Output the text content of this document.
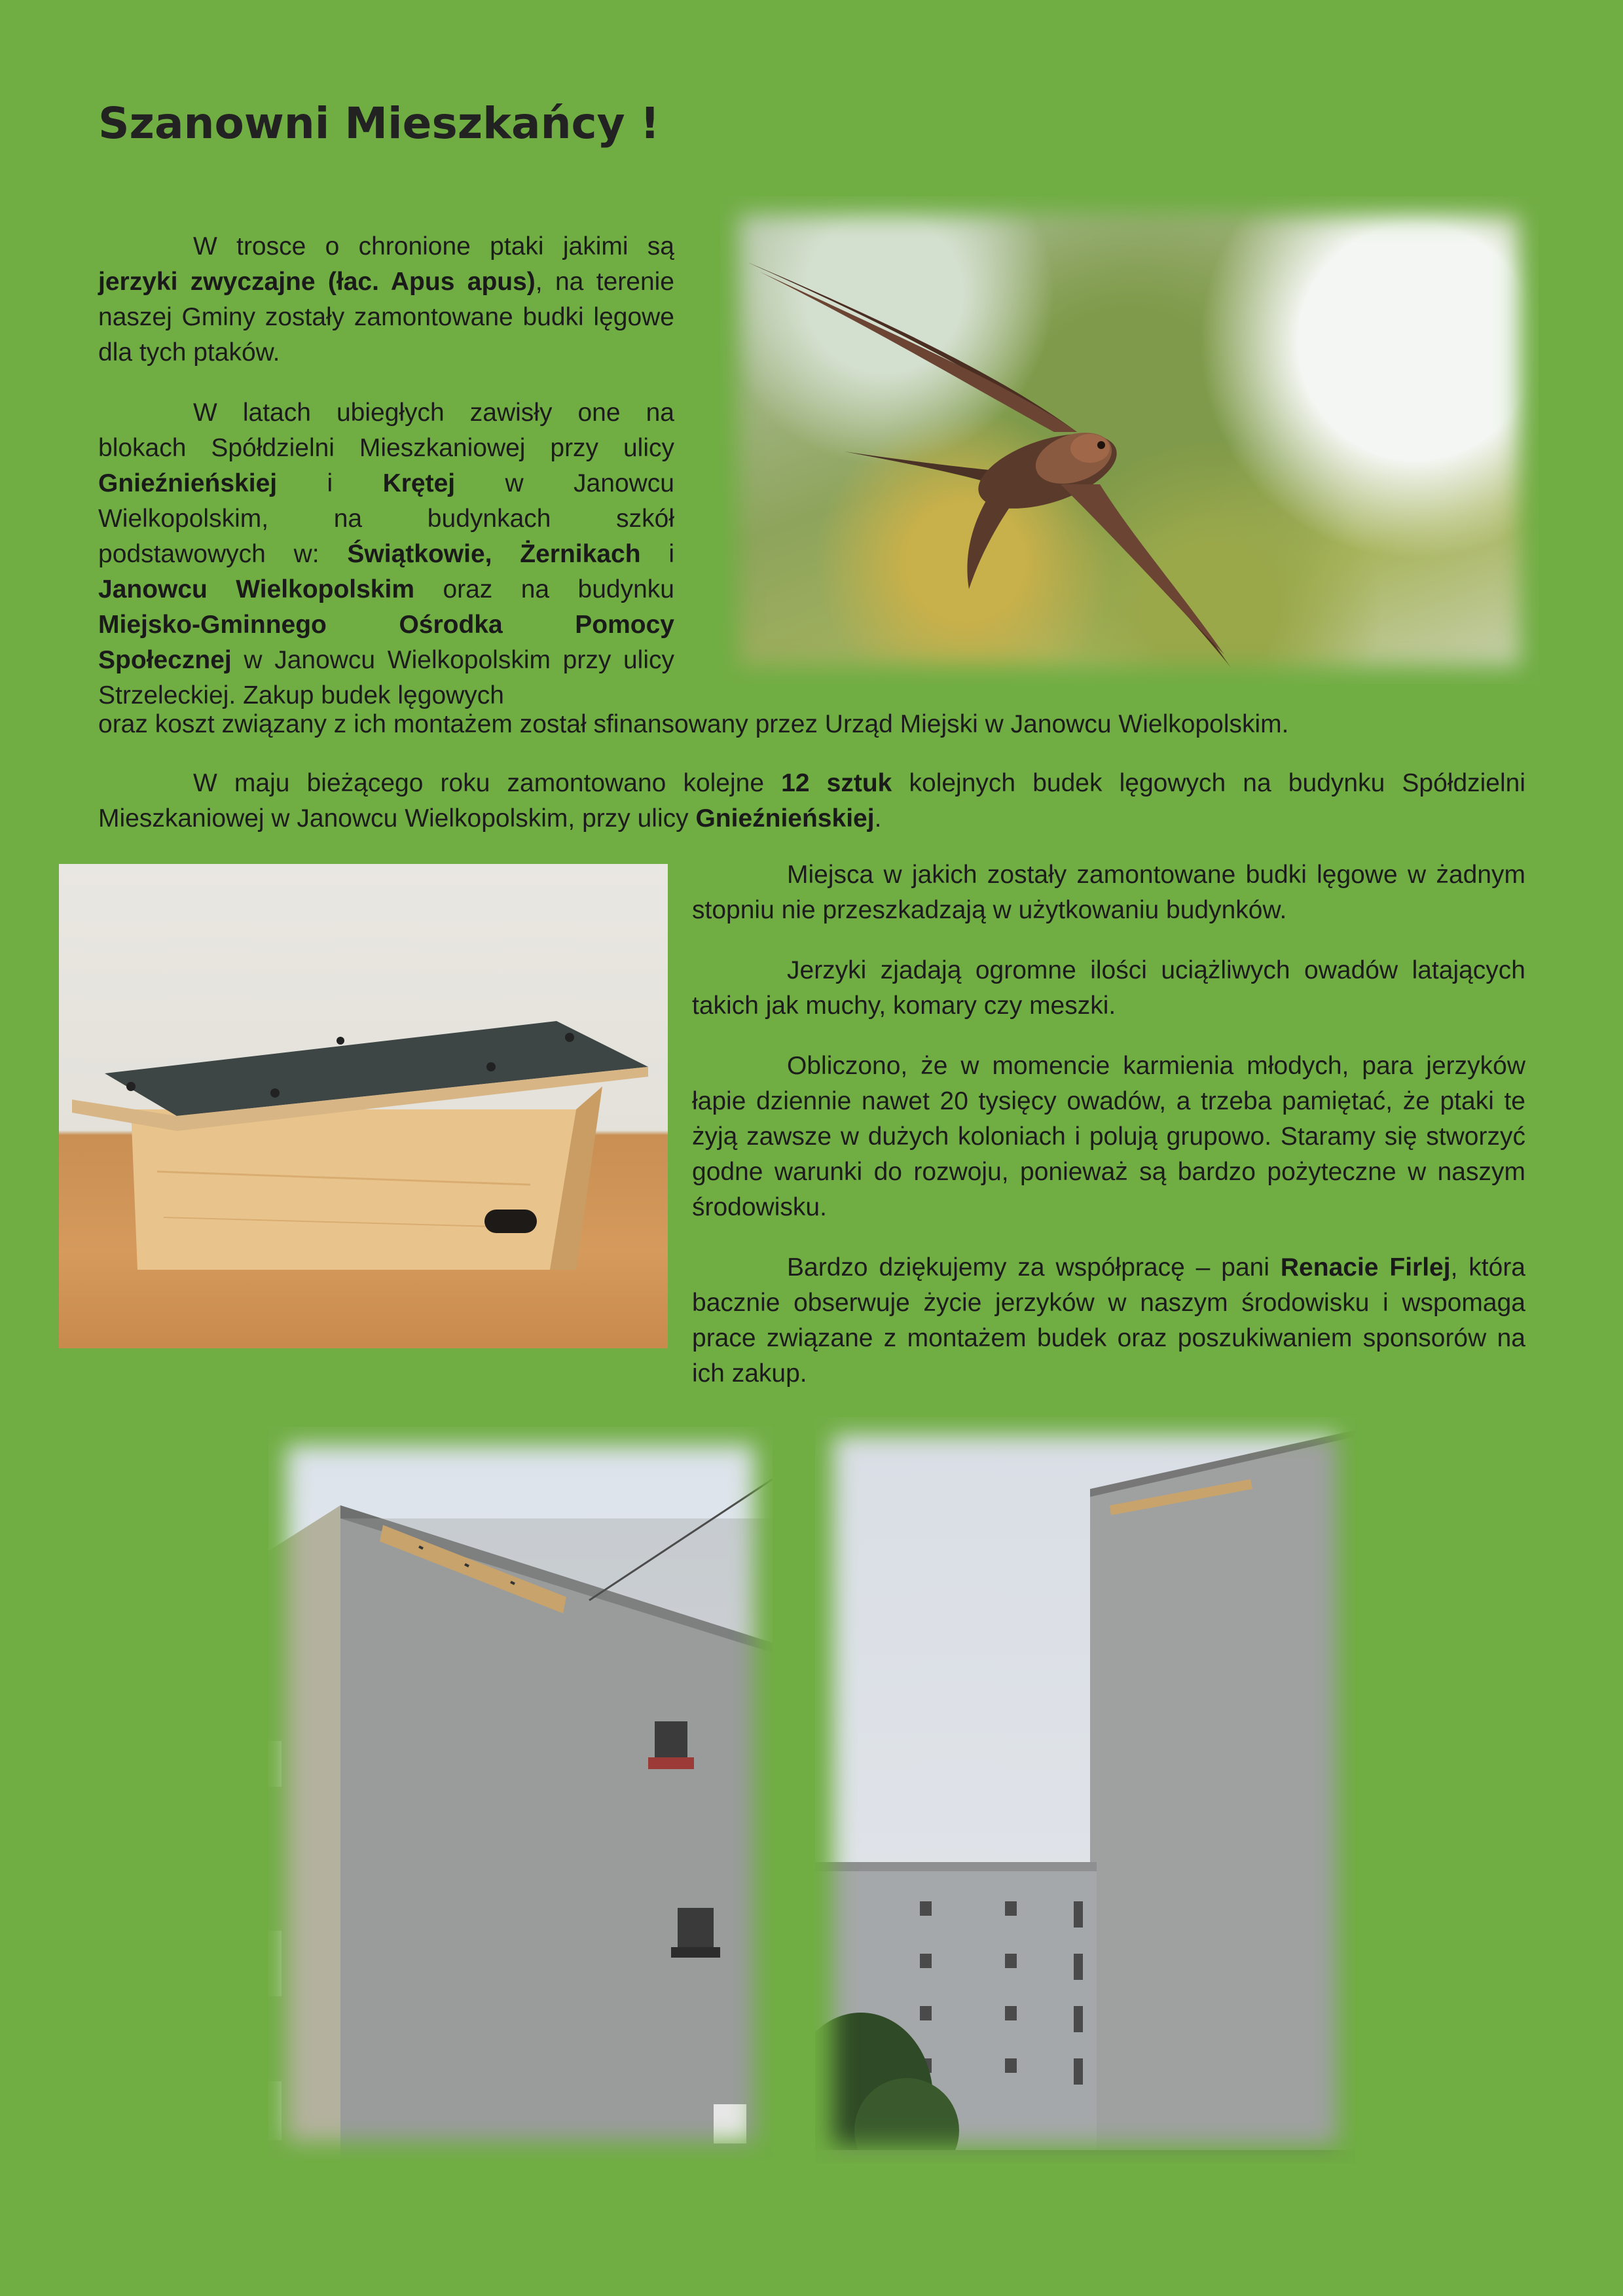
Szanowni Mieszkańcy !

W trosce o chronione ptaki jakimi są jerzyki zwyczajne (łac. Apus apus), na terenie naszej Gminy zostały zamontowane budki lęgowe dla tych ptaków.

W latach ubiegłych zawisły one na blokach Spółdzielni Mieszkaniowej przy ulicy Gnieźnieńskiej i Krętej w Janowcu Wielkopolskim, na budynkach szkół podstawowych w: Świątkowie, Żernikach i Janowcu Wielkopolskim oraz na budynku Miejsko-Gminnego Ośrodka Pomocy Społecznej w Janowcu Wielkopolskim przy ulicy Strzeleckiej. Zakup budek lęgowych

oraz koszt związany z ich montażem został sfinansowany przez Urząd Miejski w Janowcu Wielkopolskim.

W maju bieżącego roku zamontowano kolejne 12 sztuk kolejnych budek lęgowych na budynku Spółdzielni Mieszkaniowej w Janowcu Wielkopolskim, przy ulicy Gnieźnieńskiej.

Miejsca w jakich zostały zamontowane budki lęgowe w żadnym stopniu nie przeszkadzają w użytkowaniu budynków.

Jerzyki zjadają ogromne ilości uciążliwych owadów latających takich jak muchy, komary czy meszki.

Obliczono, że w momencie karmienia młodych, para jerzyków łapie dziennie nawet 20 tysięcy owadów, a trzeba pamiętać, że ptaki te żyją zawsze w dużych koloniach i polują grupowo. Staramy się stworzyć godne warunki do rozwoju, ponieważ są bardzo pożyteczne w naszym środowisku.

Bardzo dziękujemy za współpracę – pani Renacie Firlej, która bacznie obserwuje życie jerzyków w naszym środowisku i wspomaga prace związane z montażem budek oraz poszukiwaniem sponsorów na ich zakup.
